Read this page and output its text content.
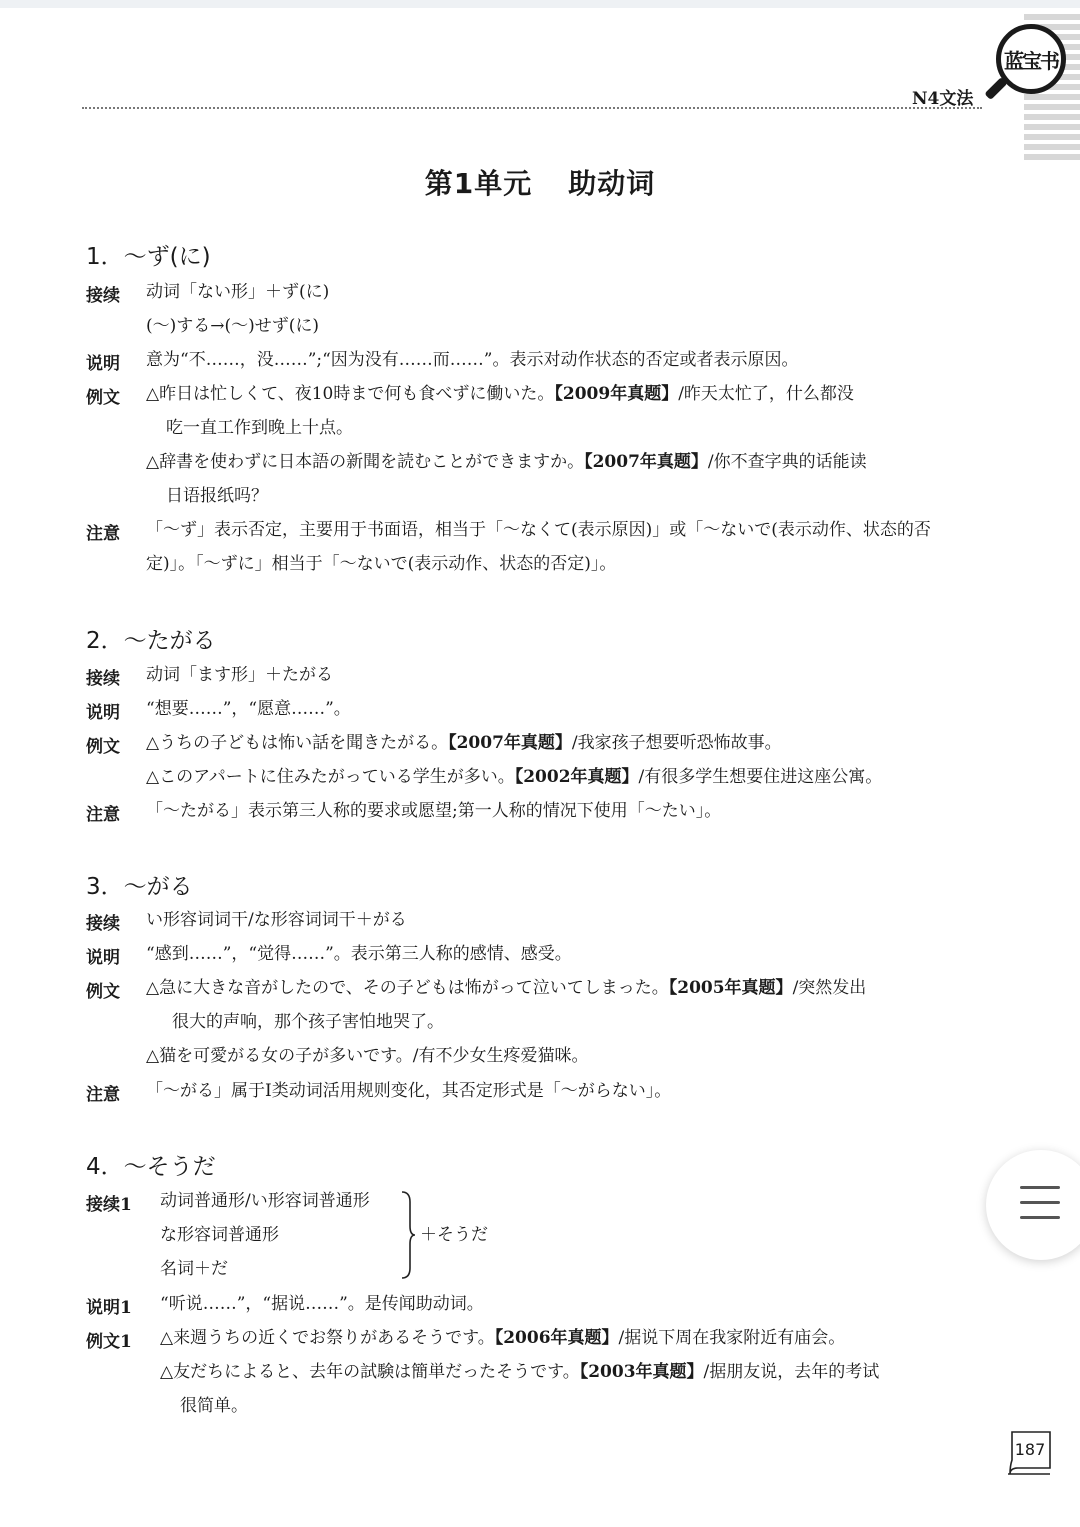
N4文法
蓝宝书
第1单元 助动词
1．～ず(に)
接续 动词「ない形」＋ず(に)
(～)する→(～)せず(に)
说明 意为“不……，没……”;“因为没有……而……”。表示对动作状态的否定或者表示原因。
例文 △昨日は忙しくて、夜10時まで何も食べずに働いた。【2009年真题】/昨天太忙了，什么都没
吃一直工作到晚上十点。
△辞書を使わずに日本語の新聞を読むことができますか。【2007年真题】/你不查字典的话能读
日语报纸吗？
注意 「～ず」表示否定，主要用于书面语，相当于「～なくて(表示原因)」或「～ないで(表示动作、状态的否
定)」。「～ずに」相当于「～ないで(表示动作、状态的否定)」。
2．～たがる
接续 动词「ます形」＋たがる
说明 “想要……”，“愿意……”。
例文 △うちの子どもは怖い話を聞きたがる。【2007年真题】/我家孩子想要听恐怖故事。
△このアパートに住みたがっている学生が多い。【2002年真题】/有很多学生想要住进这座公寓。
注意 「～たがる」表示第三人称的要求或愿望;第一人称的情况下使用「～たい」。
3．～がる
接续 い形容词词干/な形容词词干＋がる
说明 “感到……”，“觉得……”。表示第三人称的感情、感受。
例文 △急に大きな音がしたので、その子どもは怖がって泣いてしまった。【2005年真题】/突然发出
很大的声响，那个孩子害怕地哭了。
△猫を可愛がる女の子が多いです。/有不少女生疼爱猫咪。
注意 「～がる」属于Ⅰ类动词活用规则变化，其否定形式是「～がらない」。
4．～そうだ
接续1 动词普通形/い形容词普通形
な形容词普通形
名词＋だ
＋そうだ
说明1 “听说……”，“据说……”。是传闻助动词。
例文1 △来週うちの近くでお祭りがあるそうです。【2006年真题】/据说下周在我家附近有庙会。
△友だちによると、去年の試験は簡単だったそうです。【2003年真题】/据朋友说，去年的考试
很简单。
187
